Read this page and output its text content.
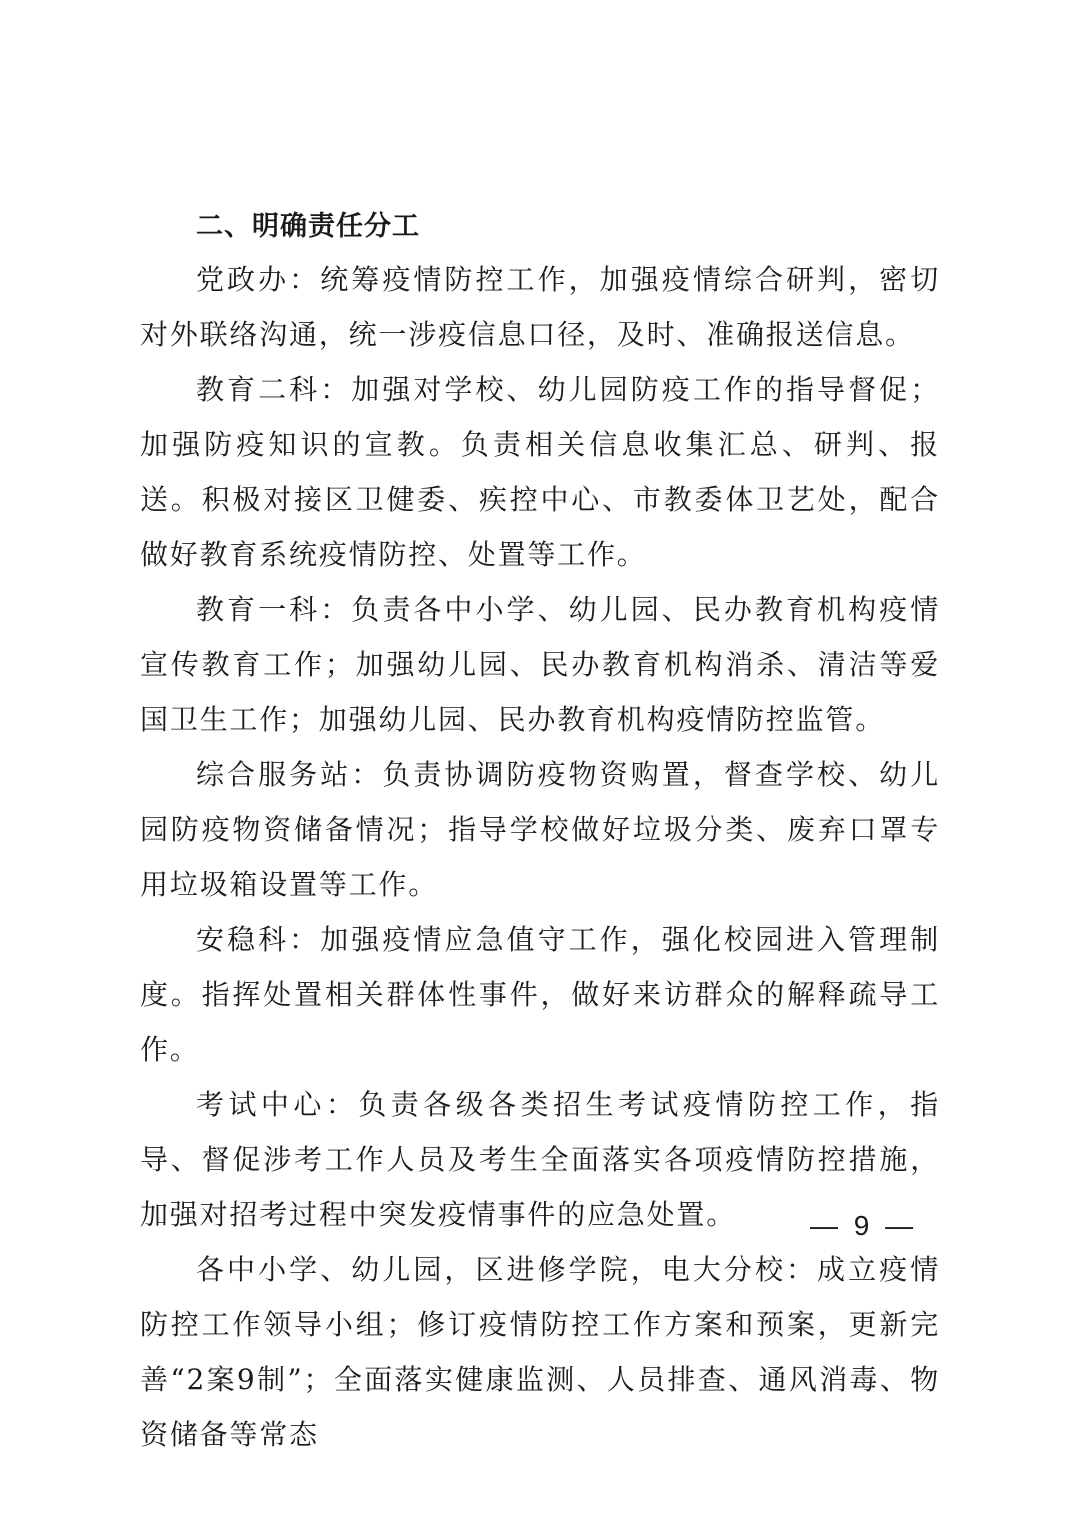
二、明确责任分工

党政办：统筹疫情防控工作，加强疫情综合研判，密切对外联络沟通，统一涉疫信息口径，及时、准确报送信息。

教育二科：加强对学校、幼儿园防疫工作的指导督促；加强防疫知识的宣教。负责相关信息收集汇总、研判、报送。积极对接区卫健委、疾控中心、市教委体卫艺处，配合做好教育系统疫情防控、处置等工作。

教育一科：负责各中小学、幼儿园、民办教育机构疫情宣传教育工作；加强幼儿园、民办教育机构消杀、清洁等爱国卫生工作；加强幼儿园、民办教育机构疫情防控监管。

综合服务站：负责协调防疫物资购置，督查学校、幼儿园防疫物资储备情况；指导学校做好垃圾分类、废弃口罩专用垃圾箱设置等工作。

安稳科：加强疫情应急值守工作，强化校园进入管理制度。指挥处置相关群体性事件，做好来访群众的解释疏导工作。

考试中心：负责各级各类招生考试疫情防控工作，指导、督促涉考工作人员及考生全面落实各项疫情防控措施，加强对招考过程中突发疫情事件的应急处置。

各中小学、幼儿园，区进修学院，电大分校：成立疫情防控工作领导小组；修订疫情防控工作方案和预案，更新完善“2案9制”；全面落实健康监测、人员排查、通风消毒、物资储备等常态

— 9 —
